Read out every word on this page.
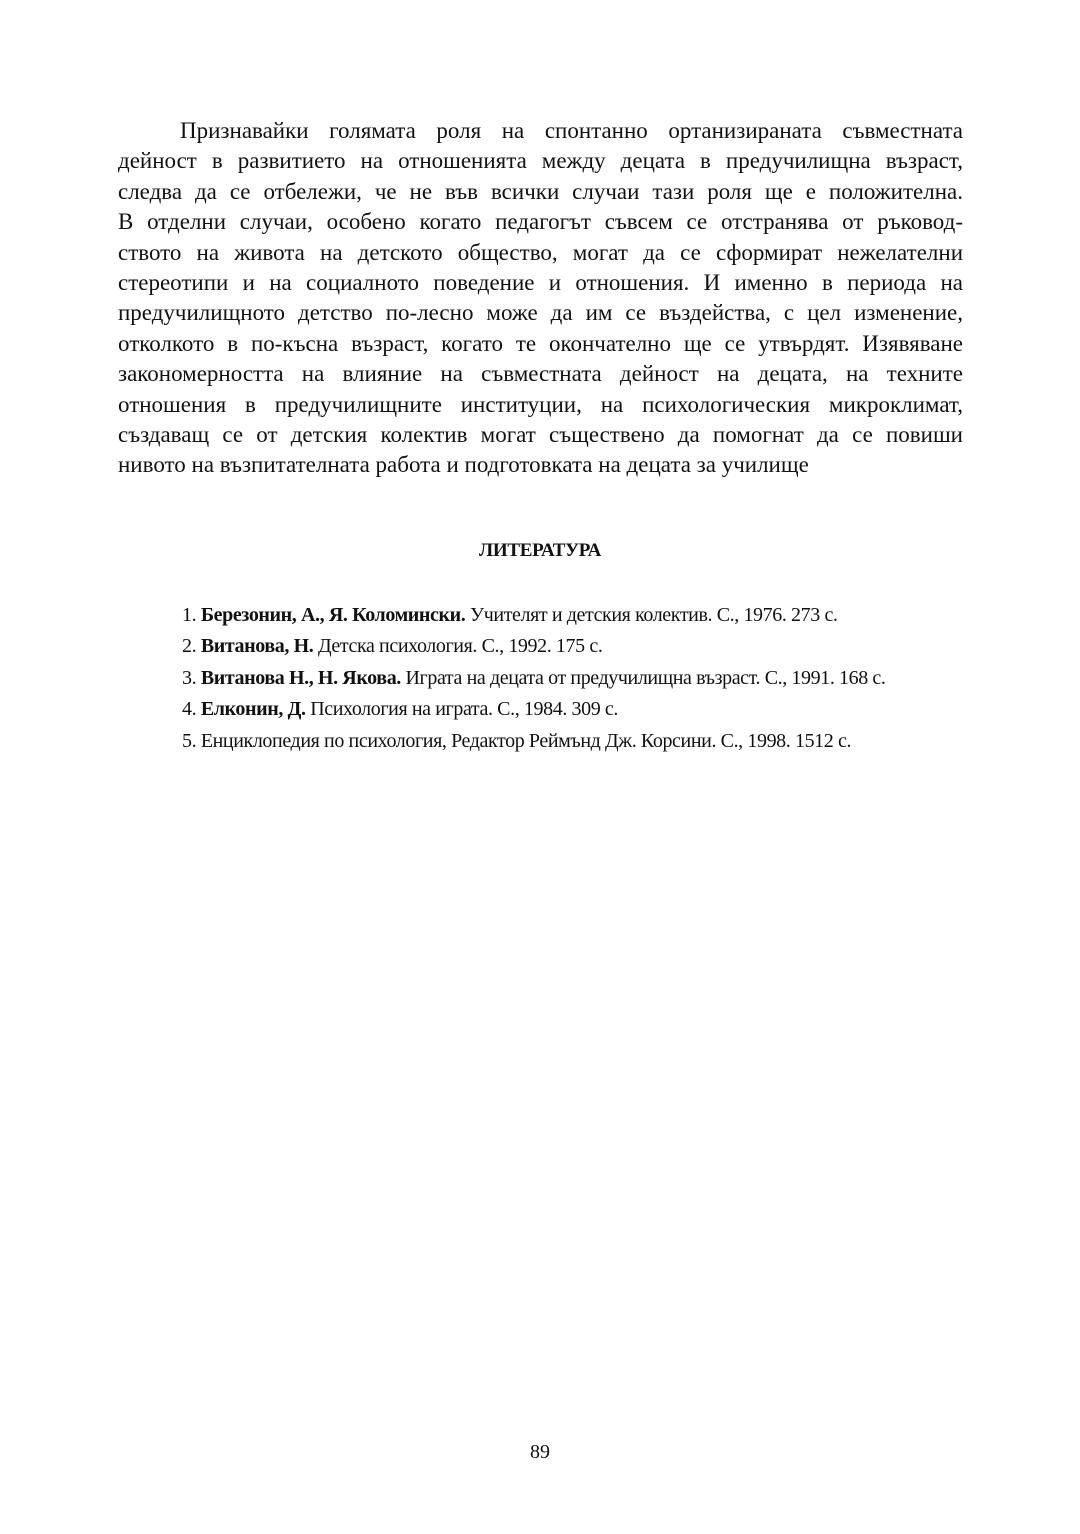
Признавайки голямата роля на спонтанно ортанизираната съвместната
дейност в развитието на отношенията между децата в предучилищна възраст,
следва да се отбележи, че не във всички случаи тази роля ще е положителна.
В отделни случаи, особено когато педагогът съвсем се отстранява от ръковод-
ството на живота на детското общество, могат да се сформират нежелателни
стереотипи и на социалното поведение и отношения. И именно в периода на
предучилищното детство по-лесно може да им се въздейства, с цел изменение,
отколкото в по-късна възраст, когато те окончателно ще се утвърдят. Изявяване
закономерността на влияние на съвместната дейност на децата, на техните
отношения в предучилищните институции, на психологическия микроклимат,
създаващ се от детския колектив могат съществено да помогнат да се повиши
нивото на възпитателната работа и подготовката на децата за училище
ЛИТЕРАТУРА
1. Березонин, А., Я. Коломински. Учителят и детския колектив. С., 1976. 273 с.
2. Витанова, Н. Детска психология. С., 1992. 175 с.
3. Витанова Н., Н. Якова. Играта на децата от предучилищна възраст. С., 1991. 168 с.
4. Елконин, Д. Психология на играта. С., 1984. 309 с.
5. Енциклопедия по психология, Редактор Реймънд Дж. Корсини. С., 1998. 1512 с.
89
